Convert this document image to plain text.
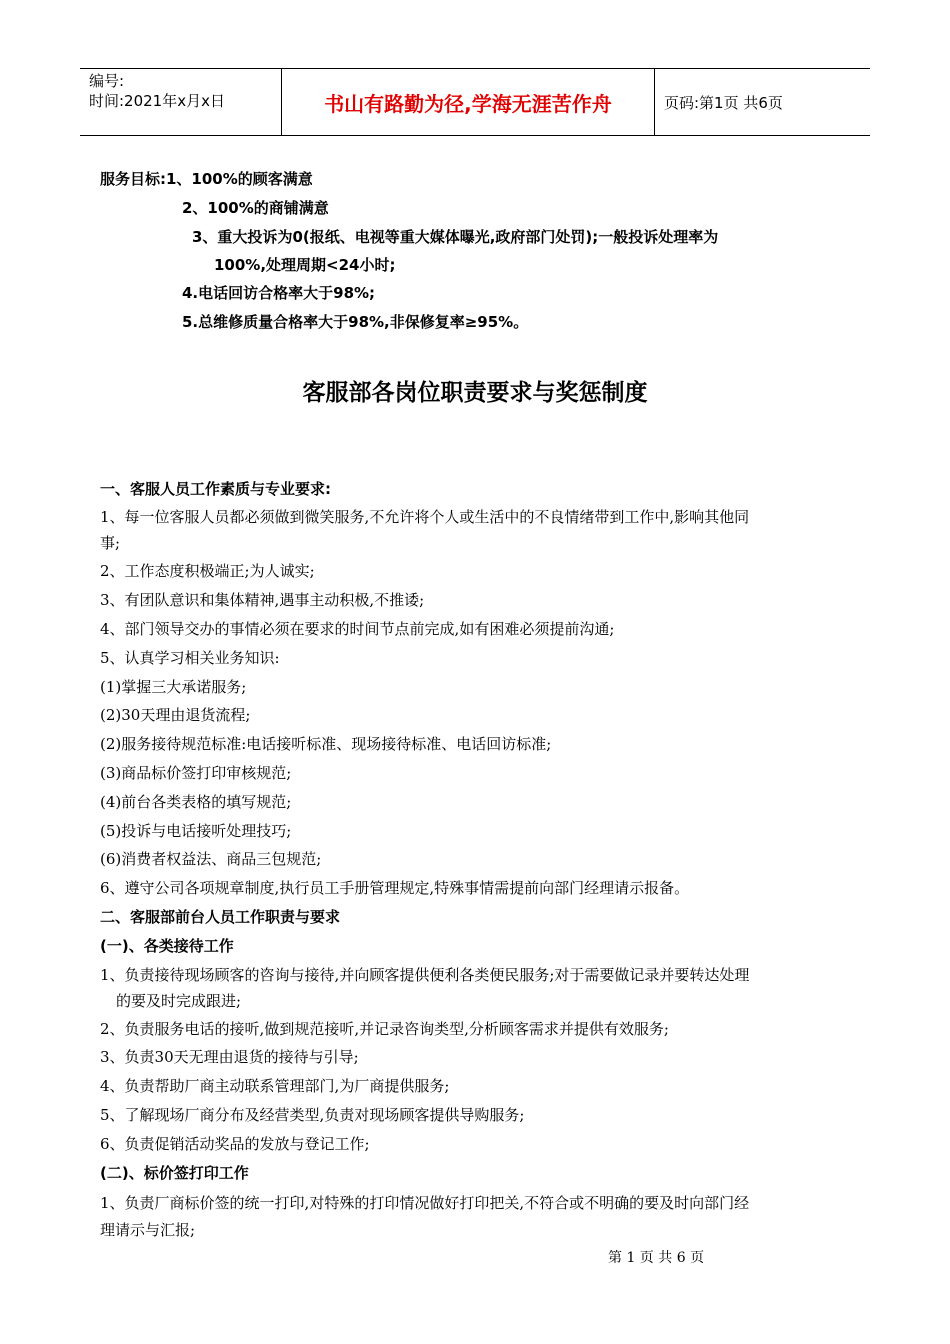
编号:
时间:2021年x月x日	书山有路勤为径,学海无涯苦作舟	页码:第1页 共6页
服务目标:1、100%的顾客满意
2、100%的商铺满意
3、重大投诉为0(报纸、电视等重大媒体曝光,政府部门处罚);一般投诉处理率为
100%,处理周期<24小时;
4.电话回访合格率大于98%;
5.总维修质量合格率大于98%,非保修复率≥95%。
客服部各岗位职责要求与奖惩制度
一、客服人员工作素质与专业要求:
1、每一位客服人员都必须做到微笑服务,不允许将个人或生活中的不良情绪带到工作中,影响其他同
事;
2、工作态度积极端正;为人诚实;
3、有团队意识和集体精神,遇事主动积极,不推诿;
4、部门领导交办的事情必须在要求的时间节点前完成,如有困难必须提前沟通;
5、认真学习相关业务知识:
(1)掌握三大承诺服务;
(2)30天理由退货流程;
(2)服务接待规范标准:电话接听标准、现场接待标准、电话回访标准;
(3)商品标价签打印审核规范;
(4)前台各类表格的填写规范;
(5)投诉与电话接听处理技巧;
(6)消费者权益法、商品三包规范;
6、遵守公司各项规章制度,执行员工手册管理规定,特殊事情需提前向部门经理请示报备。
二、客服部前台人员工作职责与要求
(一)、各类接待工作
1、负责接待现场顾客的咨询与接待,并向顾客提供便利各类便民服务;对于需要做记录并要转达处理
的要及时完成跟进;
2、负责服务电话的接听,做到规范接听,并记录咨询类型,分析顾客需求并提供有效服务;
3、负责30天无理由退货的接待与引导;
4、负责帮助厂商主动联系管理部门,为厂商提供服务;
5、了解现场厂商分布及经营类型,负责对现场顾客提供导购服务;
6、负责促销活动奖品的发放与登记工作;
(二)、标价签打印工作
1、负责厂商标价签的统一打印,对特殊的打印情况做好打印把关,不符合或不明确的要及时向部门经
理请示与汇报;
第 1 页 共 6 页
